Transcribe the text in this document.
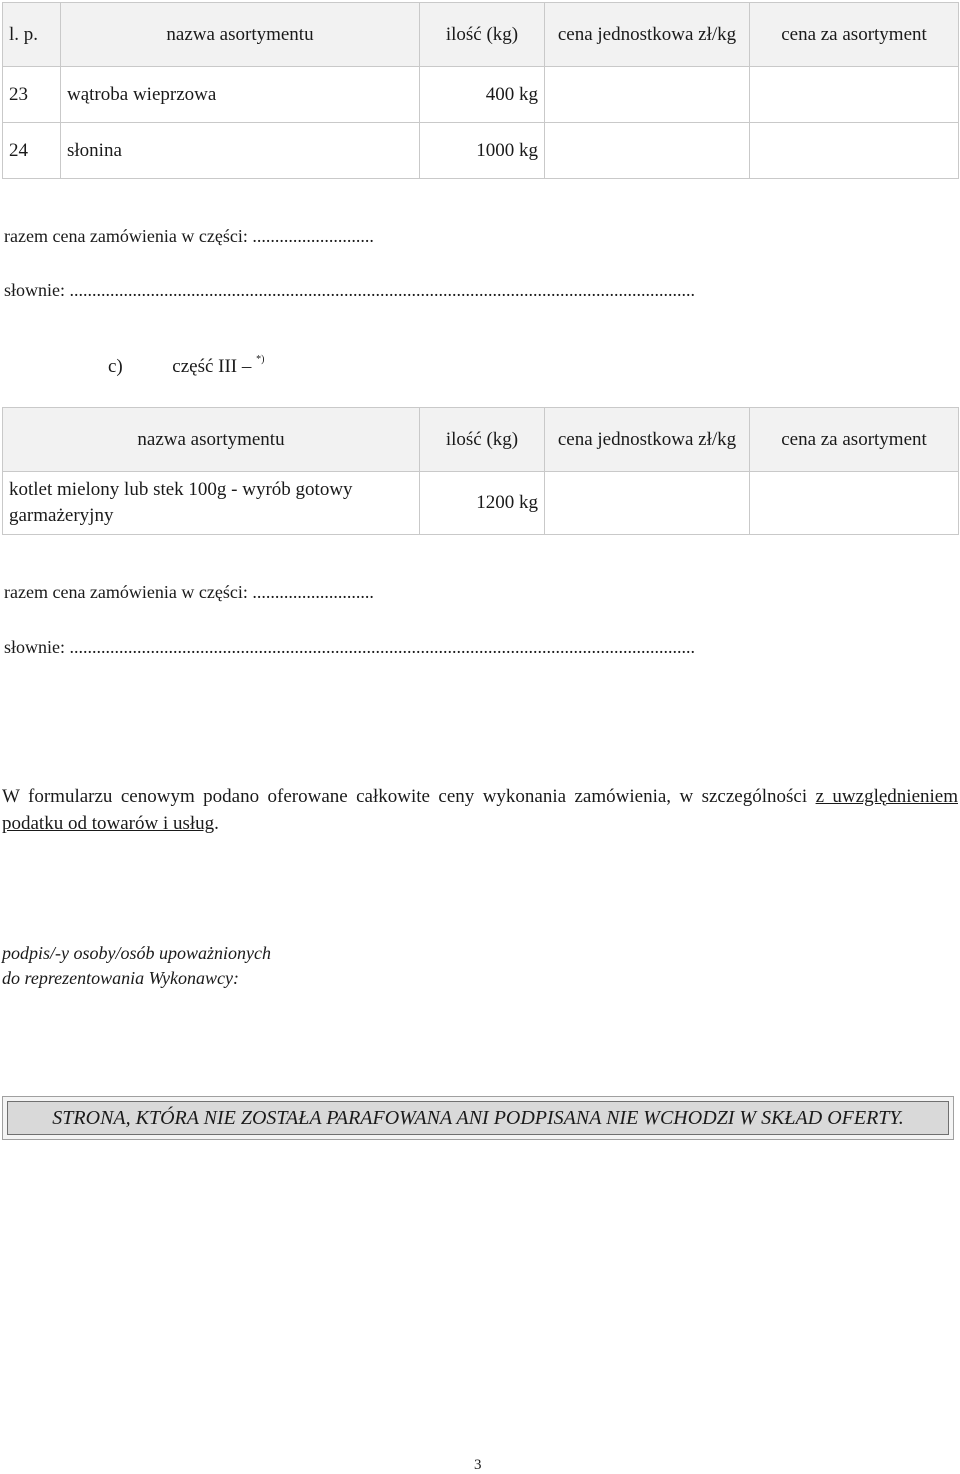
l. p.	nazwa asortymentu	ilość (kg)	cena jednostkowa zł/kg	cena za asortyment
23	wątroba wieprzowa	400 kg		
24	słonina	1000 kg		
razem cena zamówienia w części: ...........................
słownie: ...........................................................................................................................................
c)	część III – *)
nazwa asortymentu	ilość (kg)	cena jednostkowa zł/kg	cena za asortyment
kotlet mielony lub stek 100g - wyrób gotowy garmażeryjny	1200 kg		
razem cena zamówienia w części: ...........................
słownie: ...........................................................................................................................................
W formularzu cenowym podano oferowane całkowite ceny wykonania zamówienia, w szczególności z uwzględnieniem podatku od towarów i usług.
podpis/-y osoby/osób upoważnionych
do reprezentowania Wykonawcy:
STRONA, KTÓRA NIE ZOSTAŁA PARAFOWANA ANI PODPISANA NIE WCHODZI W SKŁAD OFERTY.
3
